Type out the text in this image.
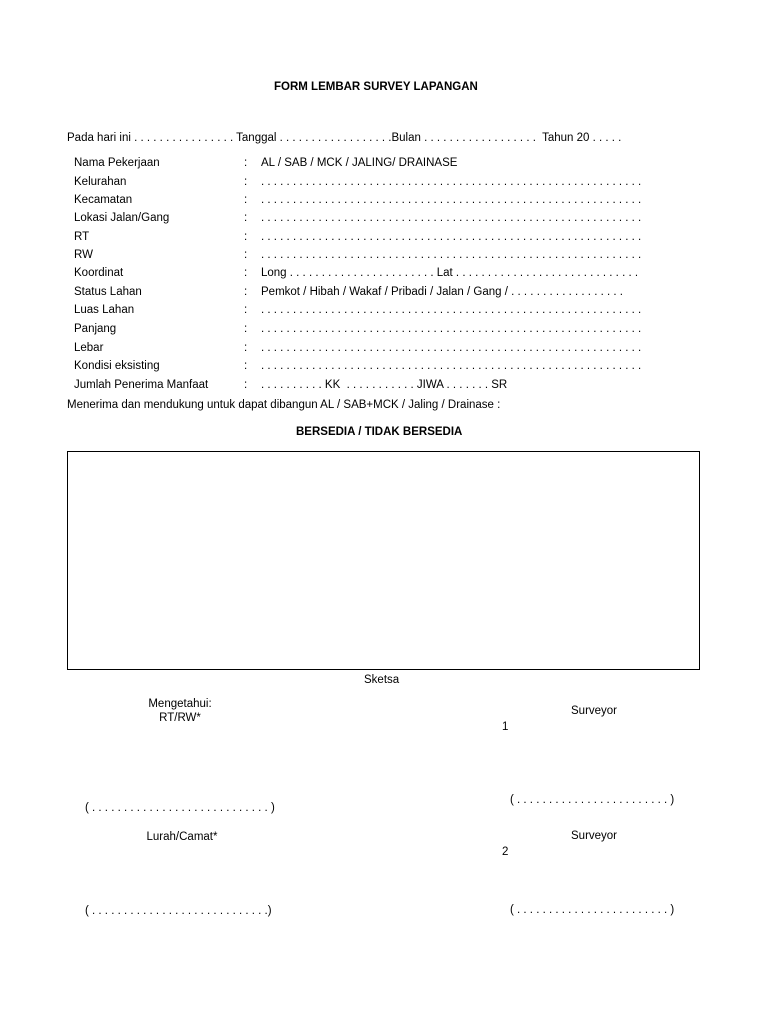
FORM LEMBAR SURVEY LAPANGAN
Pada hari ini . . . . . . . . . . . . . . . . Tanggal . . . . . . . . . . . . . . . . . .Bulan . . . . . . . . . . . . . . . . . .  Tahun 20 . . . . .
Nama Pekerjaan	: AL / SAB / MCK / JALING/ DRAINASE
Kelurahan	: . . . . . . . . . . . . . . . . . . . . . . . . . . . . . . . . . . . . . . . . . . . . . . . . . . . . . . . . . . . .
Kecamatan	: . . . . . . . . . . . . . . . . . . . . . . . . . . . . . . . . . . . . . . . . . . . . . . . . . . . . . . . . . . . .
Lokasi Jalan/Gang	: . . . . . . . . . . . . . . . . . . . . . . . . . . . . . . . . . . . . . . . . . . . . . . . . . . . . . . . . . . . .
RT	: . . . . . . . . . . . . . . . . . . . . . . . . . . . . . . . . . . . . . . . . . . . . . . . . . . . . . . . . . . . .
RW	: . . . . . . . . . . . . . . . . . . . . . . . . . . . . . . . . . . . . . . . . . . . . . . . . . . . . . . . . . . . .
Koordinat	: Long . . . . . . . . . . . . . . . . . . . . . . . Lat . . . . . . . . . . . . . . . . . . . . . . . . . . . . .
Status Lahan	: Pemkot / Hibah / Wakaf / Pribadi / Jalan / Gang / . . . . . . . . . . . . . . . . . .
Luas Lahan	: . . . . . . . . . . . . . . . . . . . . . . . . . . . . . . . . . . . . . . . . . . . . . . . . . . . . . . . . . . . .
Panjang	: . . . . . . . . . . . . . . . . . . . . . . . . . . . . . . . . . . . . . . . . . . . . . . . . . . . . . . . . . . . .
Lebar	: . . . . . . . . . . . . . . . . . . . . . . . . . . . . . . . . . . . . . . . . . . . . . . . . . . . . . . . . . . . .
Kondisi eksisting	: . . . . . . . . . . . . . . . . . . . . . . . . . . . . . . . . . . . . . . . . . . . . . . . . . . . . . . . . . . . .
Jumlah Penerima Manfaat	: . . . . . . . . . . KK  . . . . . . . . . . . JIWA . . . . . . . SR
Menerima dan mendukung untuk dapat dibangun AL / SAB+MCK / Jaling / Drainase :
BERSEDIA / TIDAK BERSEDIA
Sketsa
Mengetahui:
RT/RW*
( . . . . . . . . . . . . . . . . . . . . . . . . . . . . )
Lurah/Camat*
( . . . . . . . . . . . . . . . . . . . . . . . . . . . .)
Surveyor
1
( . . . . . . . . . . . . . . . . . . . . . . . . )
Surveyor
2
( . . . . . . . . . . . . . . . . . . . . . . . . )
